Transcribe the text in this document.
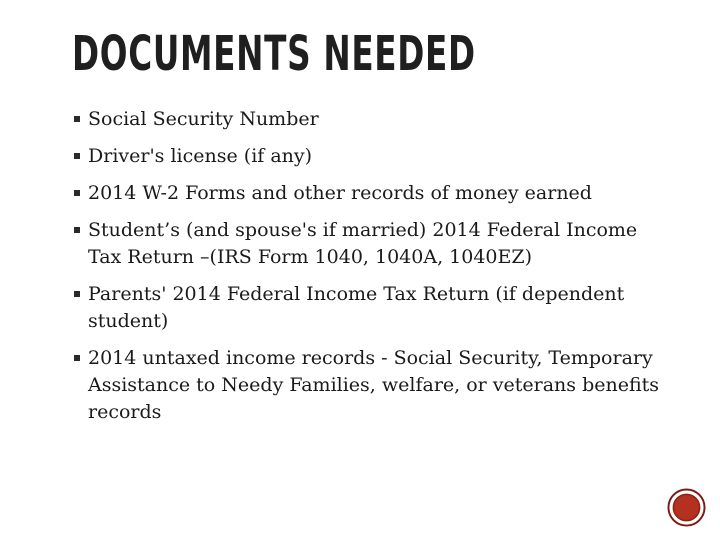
DOCUMENTS NEEDED
Social Security Number
Driver's license (if any)
2014 W-2 Forms and other records of money earned
Student’s (and spouse's if married) 2014 Federal Income Tax Return –(IRS Form 1040, 1040A, 1040EZ)
Parents' 2014 Federal Income Tax Return (if dependent student)
2014 untaxed income records - Social Security, Temporary Assistance to Needy Families, welfare, or veterans benefits records
